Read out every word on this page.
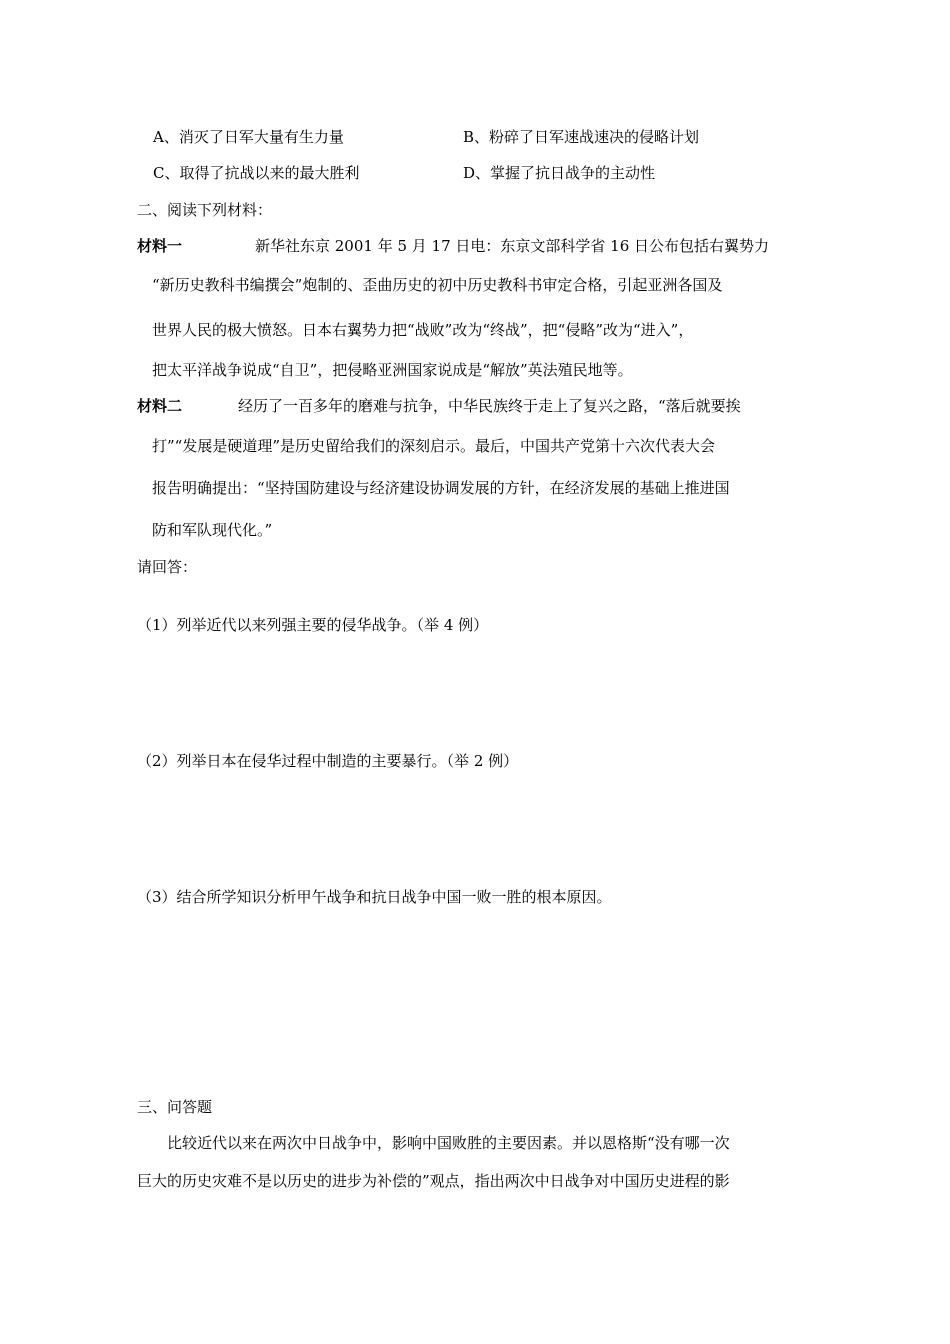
A、消灭了日军大量有生力量	B、粉碎了日军速战速决的侵略计划
C、取得了抗战以来的最大胜利	D、掌握了抗日战争的主动性
二、阅读下列材料：
材料一	新华社东京 2001 年 5 月 17 日电：东京文部科学省 16 日公布包括右翼势力
“新历史教科书编撰会”炮制的、歪曲历史的初中历史教科书审定合格，引起亚洲各国及
世界人民的极大愤怒。日本右翼势力把“战败”改为“终战”，把“侵略”改为“进入”，
把太平洋战争说成“自卫”，把侵略亚洲国家说成是“解放”英法殖民地等。
材料二	经历了一百多年的磨难与抗争，中华民族终于走上了复兴之路，“落后就要挨
打”“发展是硬道理”是历史留给我们的深刻启示。最后，中国共产党第十六次代表大会
报告明确提出：“坚持国防建设与经济建设协调发展的方针，在经济发展的基础上推进国
防和军队现代化。”
请回答：
（1）列举近代以来列强主要的侵华战争。（举 4 例）
（2）列举日本在侵华过程中制造的主要暴行。（举 2 例）
（3）结合所学知识分析甲午战争和抗日战争中国一败一胜的根本原因。
三、问答题
比较近代以来在两次中日战争中，影响中国败胜的主要因素。并以恩格斯“没有哪一次
巨大的历史灾难不是以历史的进步为补偿的”观点，指出两次中日战争对中国历史进程的影
